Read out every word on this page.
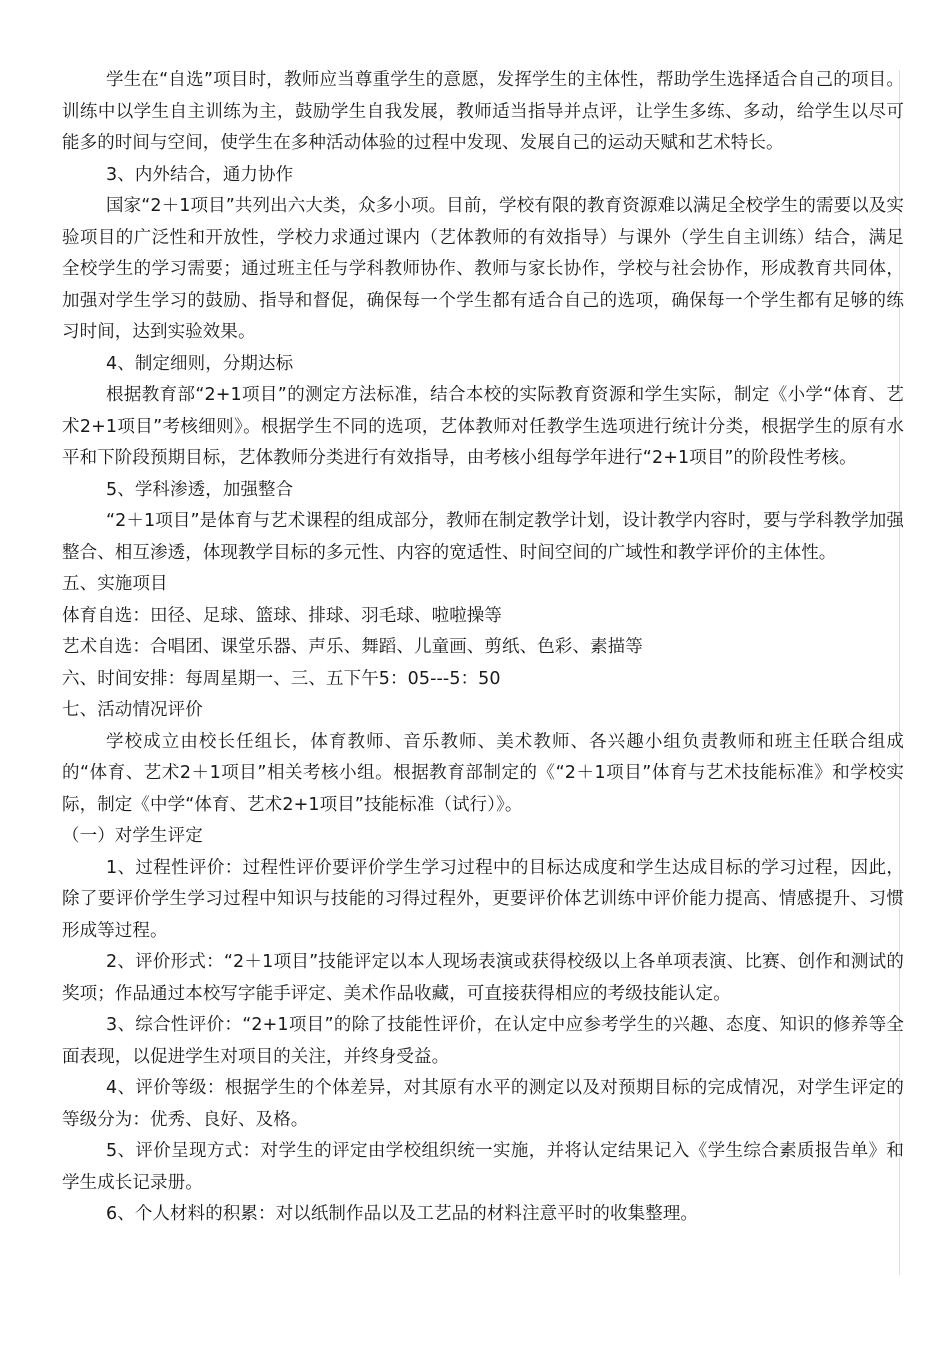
学生在“自选”项目时，教师应当尊重学生的意愿，发挥学生的主体性，帮助学生选择适合自己的项目。训练中以学生自主训练为主，鼓励学生自我发展，教师适当指导并点评，让学生多练、多动，给学生以尽可能多的时间与空间，使学生在多种活动体验的过程中发现、发展自己的运动天赋和艺术特长。

3、内外结合，通力协作

国家“2＋1项目”共列出六大类，众多小项。目前，学校有限的教育资源难以满足全校学生的需要以及实验项目的广泛性和开放性，学校力求通过课内（艺体教师的有效指导）与课外（学生自主训练）结合，满足全校学生的学习需要；通过班主任与学科教师协作、教师与家长协作，学校与社会协作，形成教育共同体，加强对学生学习的鼓励、指导和督促，确保每一个学生都有适合自己的选项，确保每一个学生都有足够的练习时间，达到实验效果。

4、制定细则，分期达标

根据教育部“2+1项目”的测定方法标准，结合本校的实际教育资源和学生实际，制定《小学“体育、艺术2+1项目”考核细则》。根据学生不同的选项，艺体教师对任教学生选项进行统计分类，根据学生的原有水平和下阶段预期目标，艺体教师分类进行有效指导，由考核小组每学年进行“2+1项目”的阶段性考核。

5、学科渗透，加强整合

“2＋1项目”是体育与艺术课程的组成部分，教师在制定教学计划，设计教学内容时，要与学科教学加强整合、相互渗透，体现教学目标的多元性、内容的宽适性、时间空间的广域性和教学评价的主体性。

五、实施项目

体育自选：田径、足球、篮球、排球、羽毛球、啦啦操等

艺术自选：合唱团、课堂乐器、声乐、舞蹈、儿童画、剪纸、色彩、素描等

六、时间安排：每周星期一、三、五下午5：05---5：50

七、活动情况评价

学校成立由校长任组长，体育教师、音乐教师、美术教师、各兴趣小组负责教师和班主任联合组成的“体育、艺术2＋1项目”相关考核小组。根据教育部制定的《“2＋1项目”体育与艺术技能标准》和学校实际，制定《中学“体育、艺术2+1项目”技能标准（试行）》。

（一）对学生评定

1、过程性评价：过程性评价要评价学生学习过程中的目标达成度和学生达成目标的学习过程，因此，除了要评价学生学习过程中知识与技能的习得过程外，更要评价体艺训练中评价能力提高、情感提升、习惯形成等过程。

2、评价形式：“2＋1项目”技能评定以本人现场表演或获得校级以上各单项表演、比赛、创作和测试的奖项；作品通过本校写字能手评定、美术作品收藏，可直接获得相应的考级技能认定。

3、综合性评价：“2+1项目”的除了技能性评价，在认定中应参考学生的兴趣、态度、知识的修养等全面表现，以促进学生对项目的关注，并终身受益。

4、评价等级：根据学生的个体差异，对其原有水平的测定以及对预期目标的完成情况，对学生评定的等级分为：优秀、良好、及格。

5、评价呈现方式：对学生的评定由学校组织统一实施，并将认定结果记入《学生综合素质报告单》和学生成长记录册。

6、个人材料的积累：对以纸制作品以及工艺品的材料注意平时的收集整理。
